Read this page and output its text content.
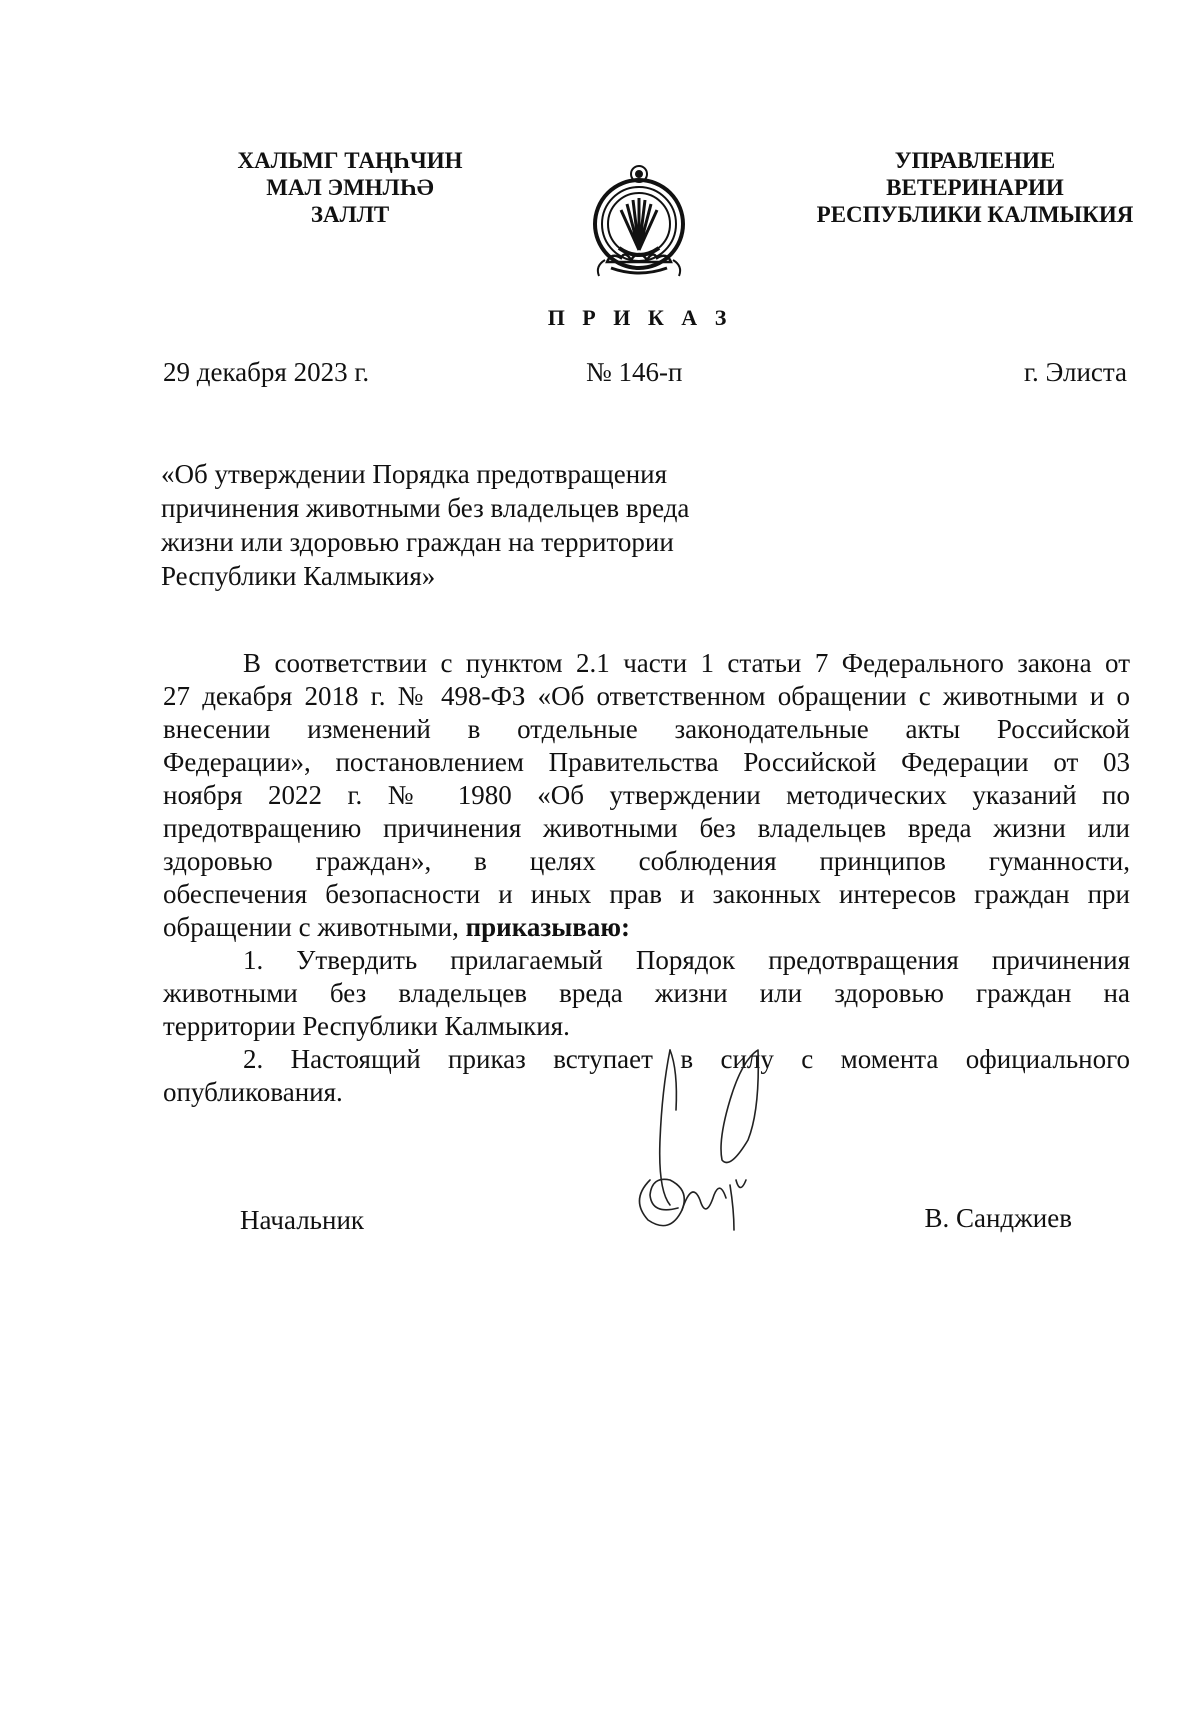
ХАЛЬМГ ТАҢҺЧИН
МАЛ ЭМНЛҺӘ
ЗАЛЛТ
УПРАВЛЕНИЕ
ВЕТЕРИНАРИИ
РЕСПУБЛИКИ КАЛМЫКИЯ
П Р И К А З
29 декабря 2023 г.	№ 146-п	г. Элиста
«Об утверждении Порядка предотвращения
причинения животными без владельцев вреда
жизни или здоровью граждан на территории
Республики Калмыкия»
В соответствии с пунктом 2.1 части 1 статьи 7 Федерального закона от
27 декабря 2018 г. № 498-ФЗ «Об ответственном обращении с животными и о
внесении изменений в отдельные законодательные акты Российской
Федерации», постановлением Правительства Российской Федерации от 03
ноября 2022 г. № 1980 «Об утверждении методических указаний по
предотвращению причинения животными без владельцев вреда жизни или
здоровью граждан», в целях соблюдения принципов гуманности,
обеспечения безопасности и иных прав и законных интересов граждан при
обращении с животными, приказываю:
1. Утвердить прилагаемый Порядок предотвращения причинения
животными без владельцев вреда жизни или здоровью граждан на
территории Республики Калмыкия.
2. Настоящий приказ вступает в силу с момента официального
опубликования.
Начальник	В. Санджиев
